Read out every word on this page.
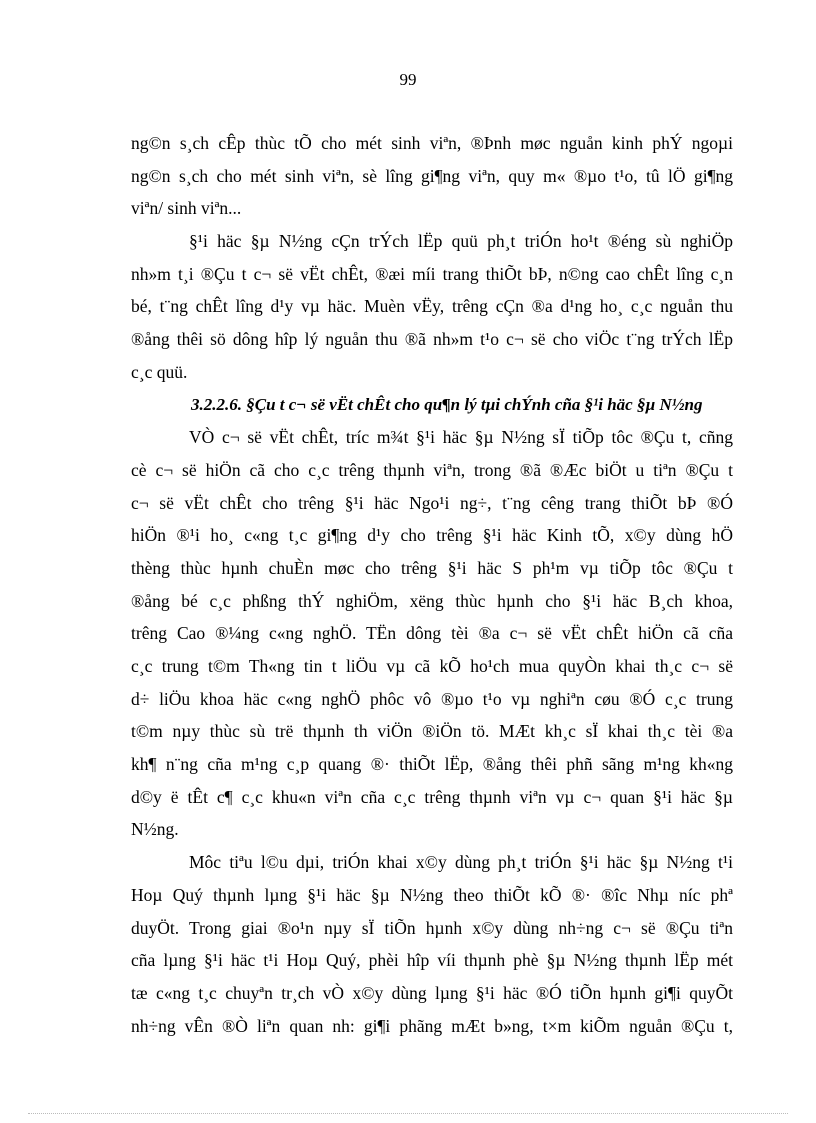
99
ng©n s¸ch cÊp thùc tÕ cho mét sinh viªn, ®Þnh møc nguån kinh phÝ ngoµi
ng©n s¸ch cho mét sinh viªn, sè lîng gi¶ng viªn, quy m« ®µo t¹o, tû lÖ gi¶ng
viªn/ sinh viªn...
§¹i häc §µ N½ng cÇn trÝch lËp quü ph¸t triÓn ho¹t ®éng sù nghiÖp
nh»m t¸i ®Çu t c¬ së vËt chÊt, ®æi míi trang thiÕt bÞ, n©ng cao chÊt lîng c¸n
bé, t¨ng chÊt lîng d¹y vµ häc. Muèn vËy, trêng cÇn ®a d¹ng ho¸ c¸c nguån thu
®ång thêi sö dông hîp lý nguån thu ®ã nh»m t¹o c¬ së cho viÖc t¨ng trÝch lËp
c¸c quü.
3.2.2.6. §Çu t c¬ së vËt chÊt cho qu¶n lý tµi chÝnh cña §¹i häc §µ N½ng
VÒ c¬ së vËt chÊt, tríc m¾t §¹i häc §µ N½ng sÏ tiÕp tôc ®Çu t, cñng
cè c¬ së hiÖn cã cho c¸c trêng thµnh viªn, trong ®ã ®Æc biÖt u tiªn ®Çu t
c¬ së vËt chÊt cho trêng §¹i häc Ngo¹i ng÷, t¨ng cêng trang thiÕt bÞ ®Ó
hiÖn ®¹i ho¸ c«ng t¸c gi¶ng d¹y cho trêng §¹i häc Kinh tÕ, x©y dùng hÖ
thèng thùc hµnh chuÈn møc cho trêng §¹i häc S ph¹m vµ tiÕp tôc ®Çu t
®ång bé c¸c phßng thÝ nghiÖm, xëng thùc hµnh cho §¹i häc B¸ch khoa,
trêng Cao ®¼ng c«ng nghÖ. TËn dông tèi ®a c¬ së vËt chÊt hiÖn cã cña
c¸c trung t©m Th«ng tin t liÖu vµ cã kÕ ho¹ch mua quyÒn khai th¸c c¬ së
d÷ liÖu khoa häc c«ng nghÖ phôc vô ®µo t¹o vµ nghiªn cøu ®Ó c¸c trung
t©m nµy thùc sù trë thµnh th viÖn ®iÖn tö. MÆt kh¸c sÏ khai th¸c tèi ®a
kh¶ n¨ng cña m¹ng c¸p quang ®· thiÕt lËp, ®ång thêi phñ sãng m¹ng kh«ng
d©y ë tÊt c¶ c¸c khu«n viªn cña c¸c trêng thµnh viªn vµ c¬ quan §¹i häc §µ
N½ng.
Môc tiªu l©u dµi, triÓn khai x©y dùng ph¸t triÓn §¹i häc §µ N½ng t¹i
Hoµ Quý thµnh lµng §¹i häc §µ N½ng theo thiÕt kÕ ®· ®îc Nhµ níc phª
duyÖt. Trong giai ®o¹n nµy sÏ tiÕn hµnh x©y dùng nh÷ng c¬ së ®Çu tiªn
cña lµng §¹i häc t¹i Hoµ Quý, phèi hîp víi thµnh phè §µ N½ng thµnh lËp mét
tæ c«ng t¸c chuyªn tr¸ch vÒ x©y dùng lµng §¹i häc ®Ó tiÕn hµnh gi¶i quyÕt
nh÷ng vÊn ®Ò liªn quan nh: gi¶i phãng mÆt b»ng, t×m kiÕm nguån ®Çu t,
